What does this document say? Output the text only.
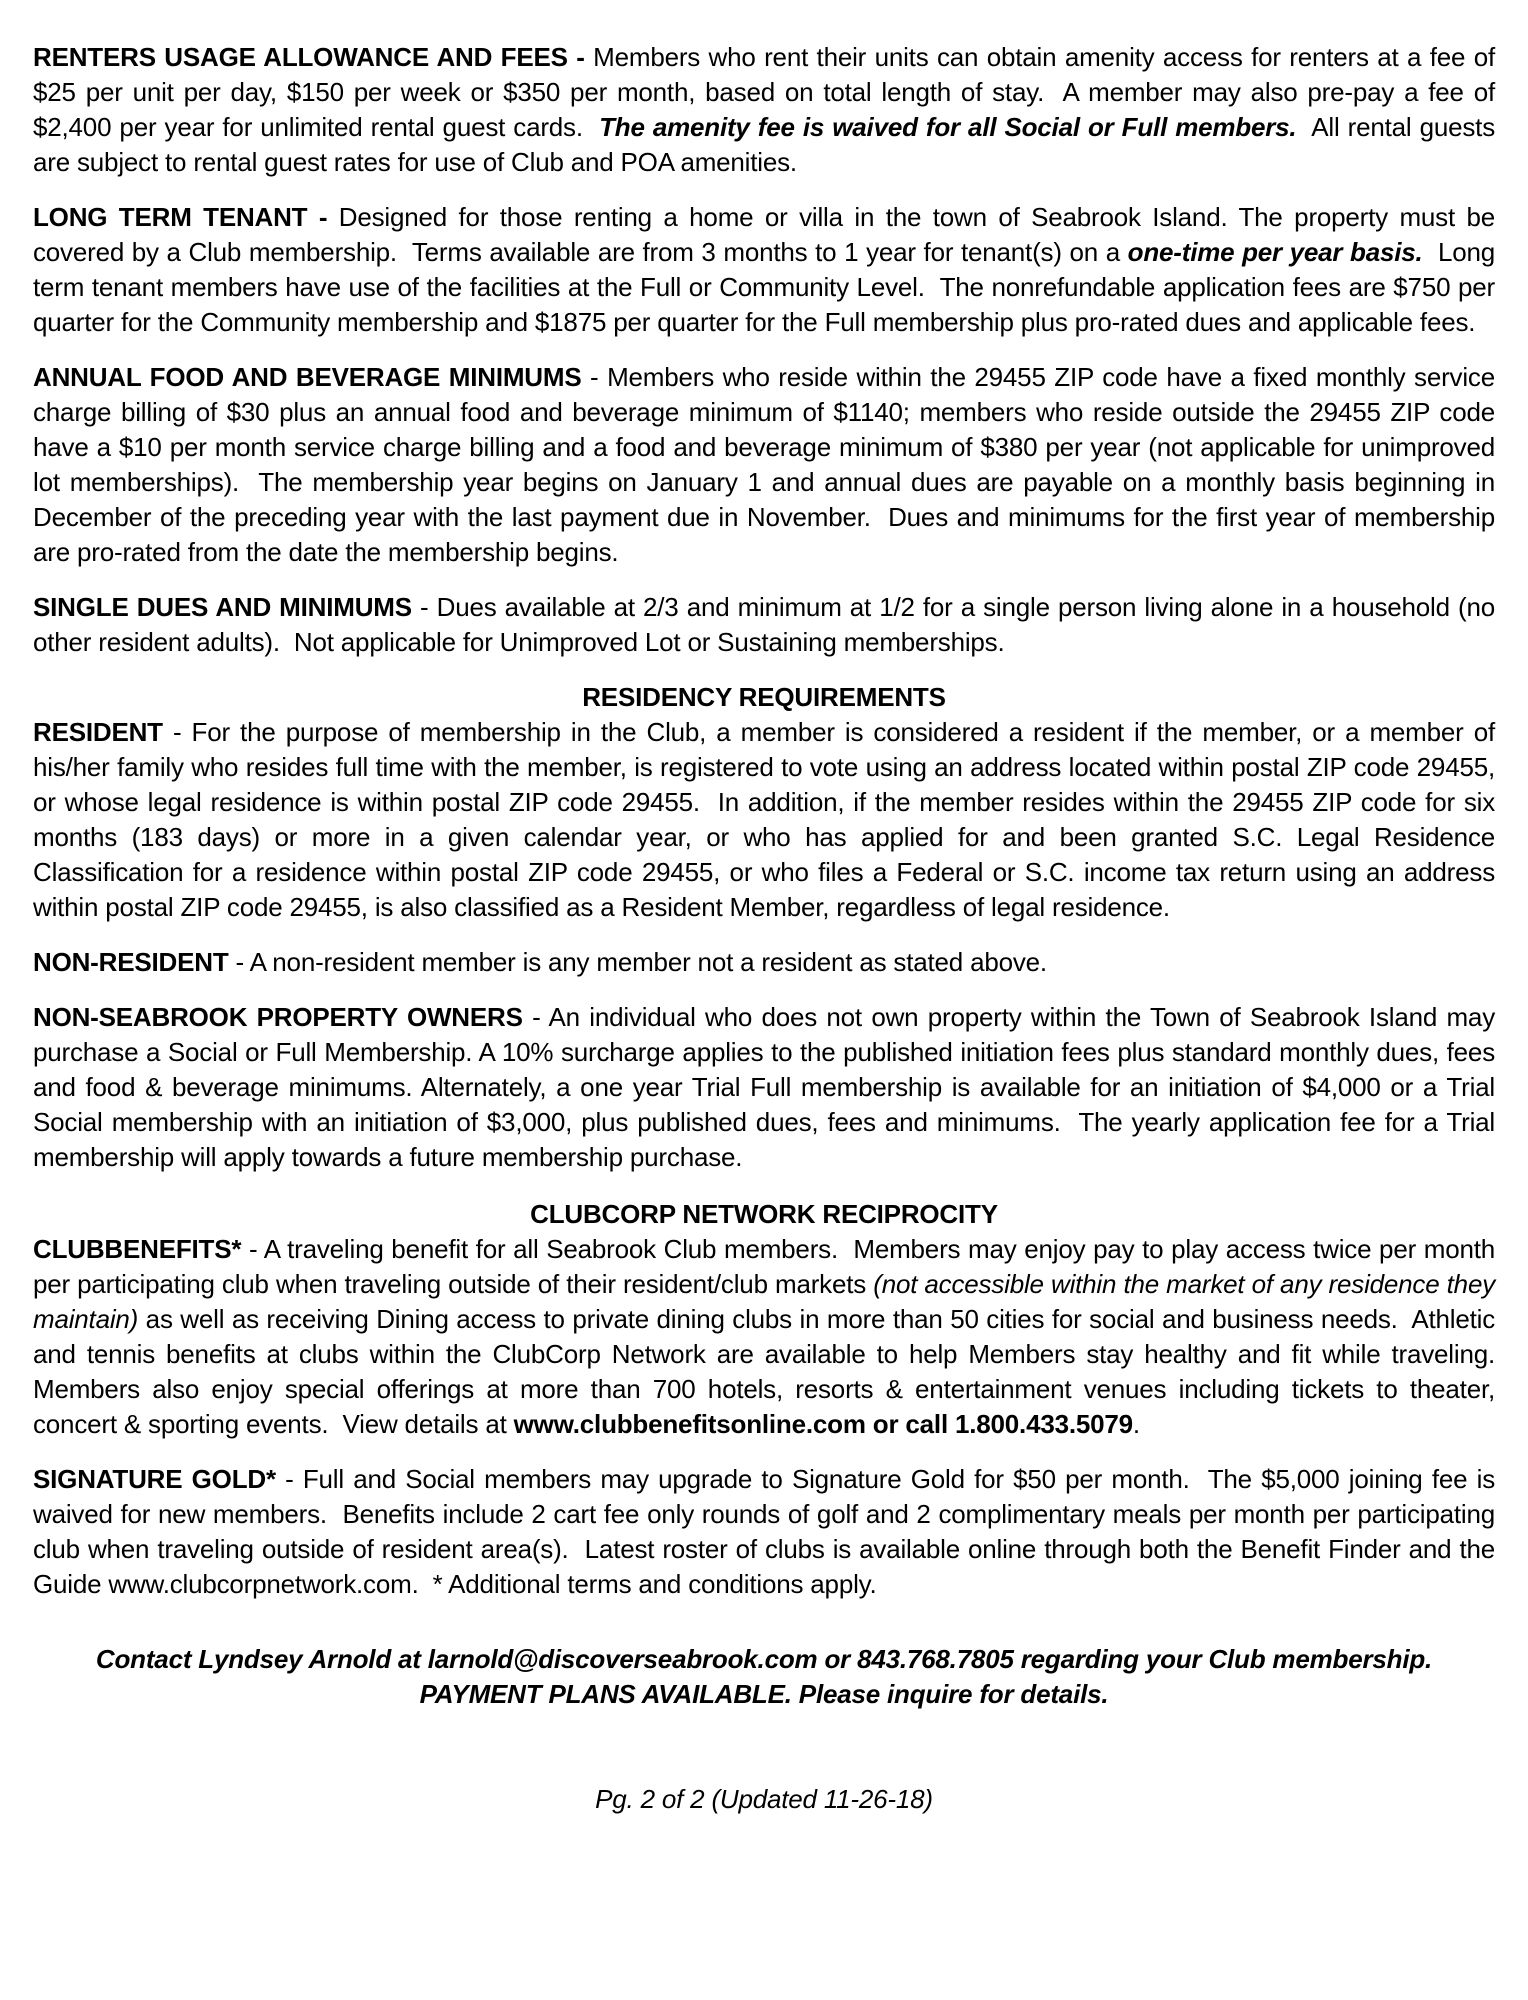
RENTERS USAGE ALLOWANCE AND FEES - Members who rent their units can obtain amenity access for renters at a fee of $25 per unit per day, $150 per week or $350 per month, based on total length of stay.  A member may also pre-pay a fee of $2,400 per year for unlimited rental guest cards.  The amenity fee is waived for all Social or Full members.  All rental guests are subject to rental guest rates for use of Club and POA amenities.

LONG TERM TENANT - Designed for those renting a home or villa in the town of Seabrook Island. The property must be covered by a Club membership.  Terms available are from 3 months to 1 year for tenant(s) on a one-time per year basis.  Long term tenant members have use of the facilities at the Full or Community Level.  The nonrefundable application fees are $750 per quarter for the Community membership and $1875 per quarter for the Full membership plus pro-rated dues and applicable fees.

ANNUAL FOOD AND BEVERAGE MINIMUMS - Members who reside within the 29455 ZIP code have a fixed monthly service charge billing of $30 plus an annual food and beverage minimum of $1140; members who reside outside the 29455 ZIP code have a $10 per month service charge billing and a food and beverage minimum of $380 per year (not applicable for unimproved lot memberships).  The membership year begins on January 1 and annual dues are payable on a monthly basis beginning in December of the preceding year with the last payment due in November.  Dues and minimums for the first year of membership are pro-rated from the date the membership begins.

SINGLE DUES AND MINIMUMS - Dues available at 2/3 and minimum at 1/2 for a single person living alone in a household (no other resident adults).  Not applicable for Unimproved Lot or Sustaining memberships.

RESIDENCY REQUIREMENTS

RESIDENT - For the purpose of membership in the Club, a member is considered a resident if the member, or a member of his/her family who resides full time with the member, is registered to vote using an address located within postal ZIP code 29455, or whose legal residence is within postal ZIP code 29455.  In addition, if the member resides within the 29455 ZIP code for six months (183 days) or more in a given calendar year, or who has applied for and been granted S.C. Legal Residence Classification for a residence within postal ZIP code 29455, or who files a Federal or S.C. income tax return using an address within postal ZIP code 29455, is also classified as a Resident Member, regardless of legal residence.

NON-RESIDENT - A non-resident member is any member not a resident as stated above.

NON-SEABROOK PROPERTY OWNERS - An individual who does not own property within the Town of Seabrook Island may purchase a Social or Full Membership. A 10% surcharge applies to the published initiation fees plus standard monthly dues, fees and food & beverage minimums. Alternately, a one year Trial Full membership is available for an initiation of $4,000 or a Trial Social membership with an initiation of $3,000, plus published dues, fees and minimums.  The yearly application fee for a Trial membership will apply towards a future membership purchase.

CLUBCORP NETWORK RECIPROCITY

CLUBBENEFITS* - A traveling benefit for all Seabrook Club members.  Members may enjoy pay to play access twice per month per participating club when traveling outside of their resident/club markets (not accessible within the market of any residence they maintain) as well as receiving Dining access to private dining clubs in more than 50 cities for social and business needs.  Athletic and tennis benefits at clubs within the ClubCorp Network are available to help Members stay healthy and fit while traveling.  Members also enjoy special offerings at more than 700 hotels, resorts & entertainment venues including tickets to theater, concert & sporting events.  View details at www.clubbenefitsonline.com or call 1.800.433.5079.

SIGNATURE GOLD* - Full and Social members may upgrade to Signature Gold for $50 per month.  The $5,000 joining fee is waived for new members.  Benefits include 2 cart fee only rounds of golf and 2 complimentary meals per month per participating club when traveling outside of resident area(s).  Latest roster of clubs is available online through both the Benefit Finder and the Guide www.clubcorpnetwork.com.  * Additional terms and conditions apply.

Contact Lyndsey Arnold at larnold@discoverseabrook.com or 843.768.7805 regarding your Club membership.
PAYMENT PLANS AVAILABLE. Please inquire for details.
Pg. 2 of 2 (Updated 11-26-18)
